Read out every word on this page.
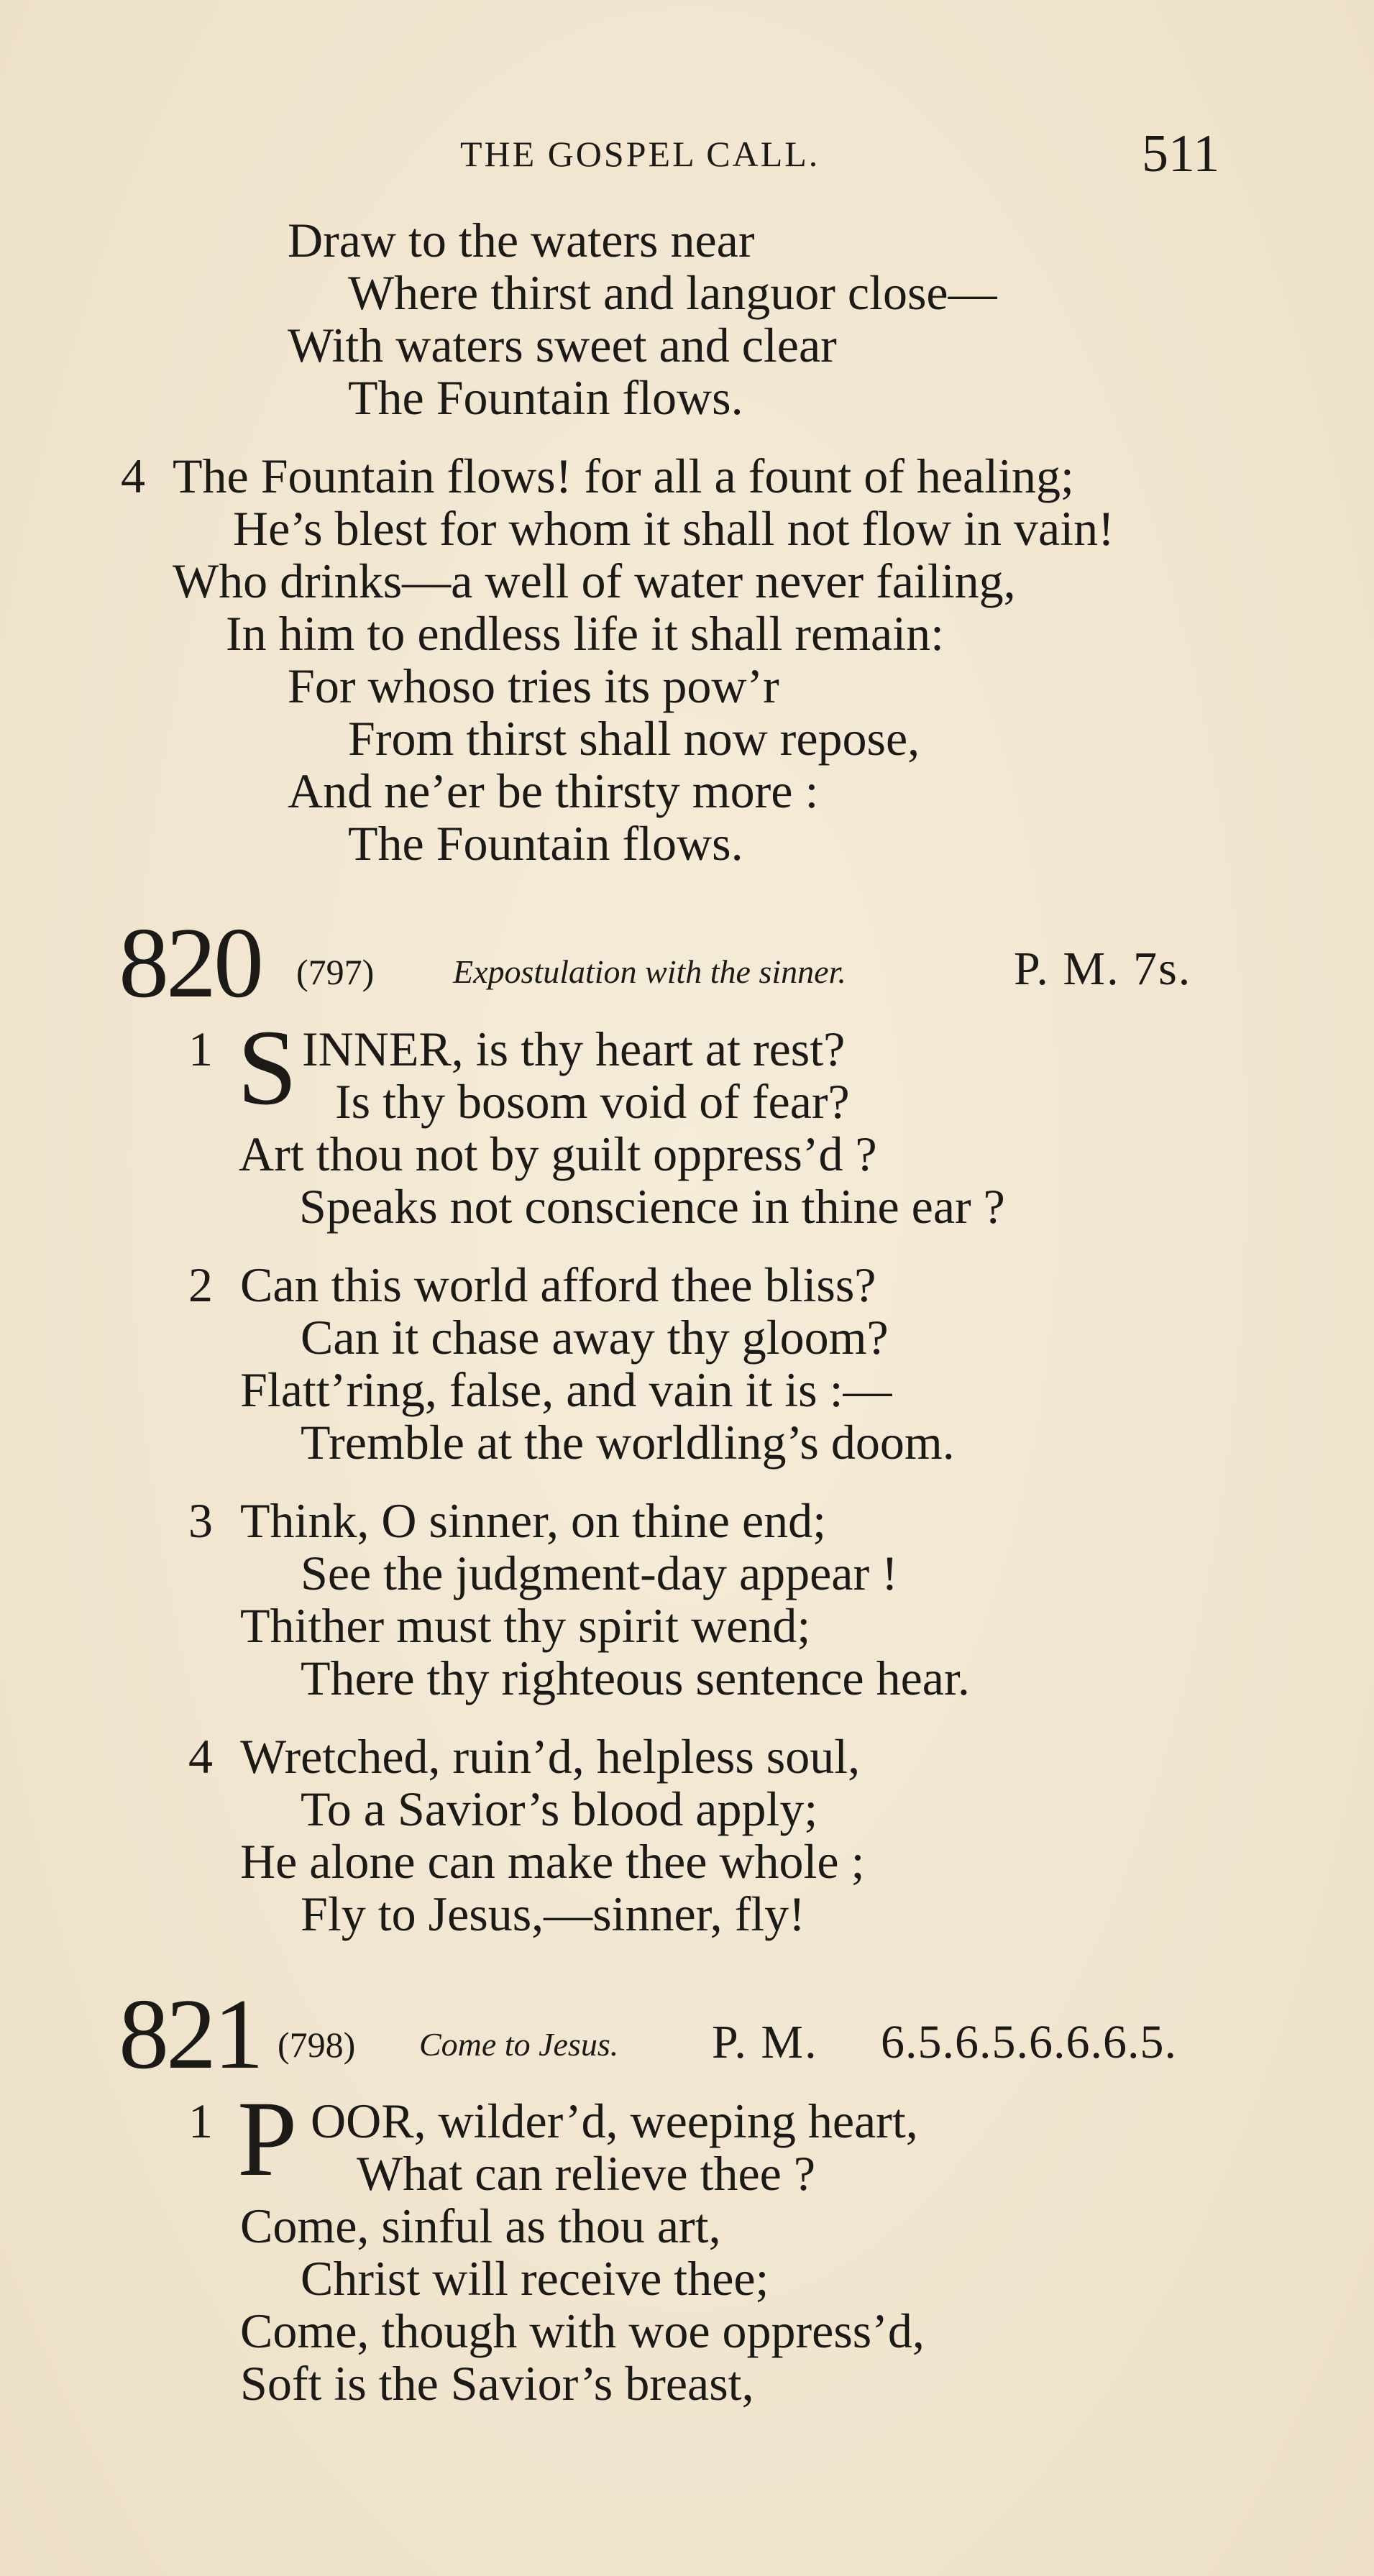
THE GOSPEL CALL.	511
Draw to the waters near
Where thirst and languor close—
With waters sweet and clear
The Fountain flows.
4 The Fountain flows! for all a fount of healing;
He’s blest for whom it shall not flow in vain!
Who drinks—a well of water never failing,
In him to endless life it shall remain:
For whoso tries its pow’r
From thirst shall now repose,
And ne’er be thirsty more :
The Fountain flows.
820 (797) Expostulation with the sinner.	P. M. 7s.
1 S INNER, is thy heart at rest?
Is thy bosom void of fear?
Art thou not by guilt oppress’d ?
Speaks not conscience in thine ear ?
2 Can this world afford thee bliss?
Can it chase away thy gloom?
Flatt’ring, false, and vain it is :—
Tremble at the worldling’s doom.
3 Think, O sinner, on thine end;
See the judgment-day appear !
Thither must thy spirit wend;
There thy righteous sentence hear.
4 Wretched, ruin’d, helpless soul,
To a Savior’s blood apply;
He alone can make thee whole ;
Fly to Jesus,—sinner, fly!
821 (798) Come to Jesus. P. M. 6.5.6.5.6.6.6.5.
1 P OOR, wilder’d, weeping heart,
What can relieve thee ?
Come, sinful as thou art,
Christ will receive thee;
Come, though with woe oppress’d,
Soft is the Savior’s breast,
